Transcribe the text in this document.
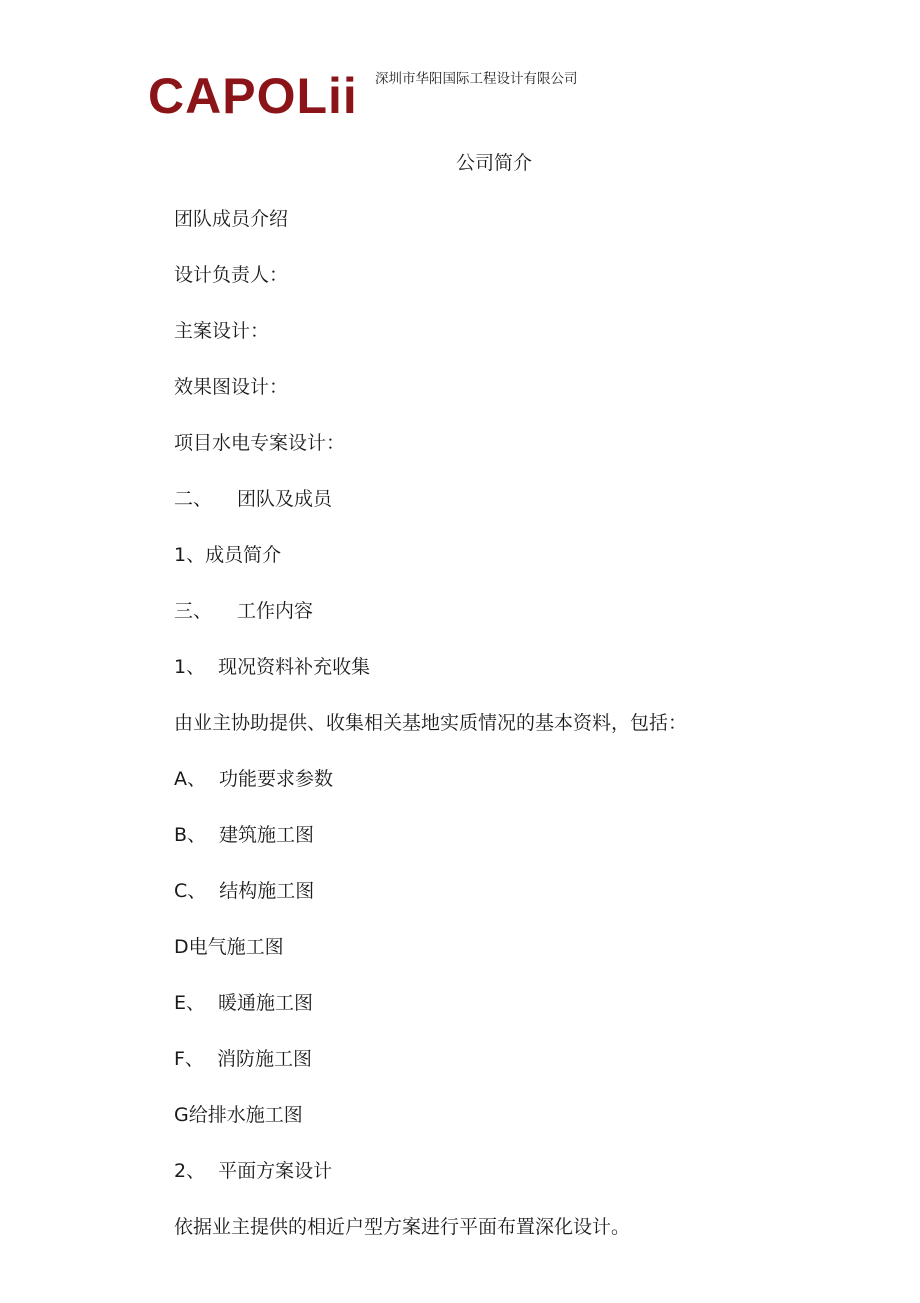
CAPOLii 深圳市华阳国际工程设计有限公司
公司简介
团队成员介绍
设计负责人：
主案设计：
效果图设计：
项目水电专案设计：
二、 团队及成员
1、成员简介
三、 工作内容
1、 现况资料补充收集
由业主协助提供、收集相关基地实质情况的基本资料，包括：
A、 功能要求参数
B、 建筑施工图
C、 结构施工图
D电气施工图
E、 暖通施工图
F、 消防施工图
G给排水施工图
2、 平面方案设计
依据业主提供的相近户型方案进行平面布置深化设计。
